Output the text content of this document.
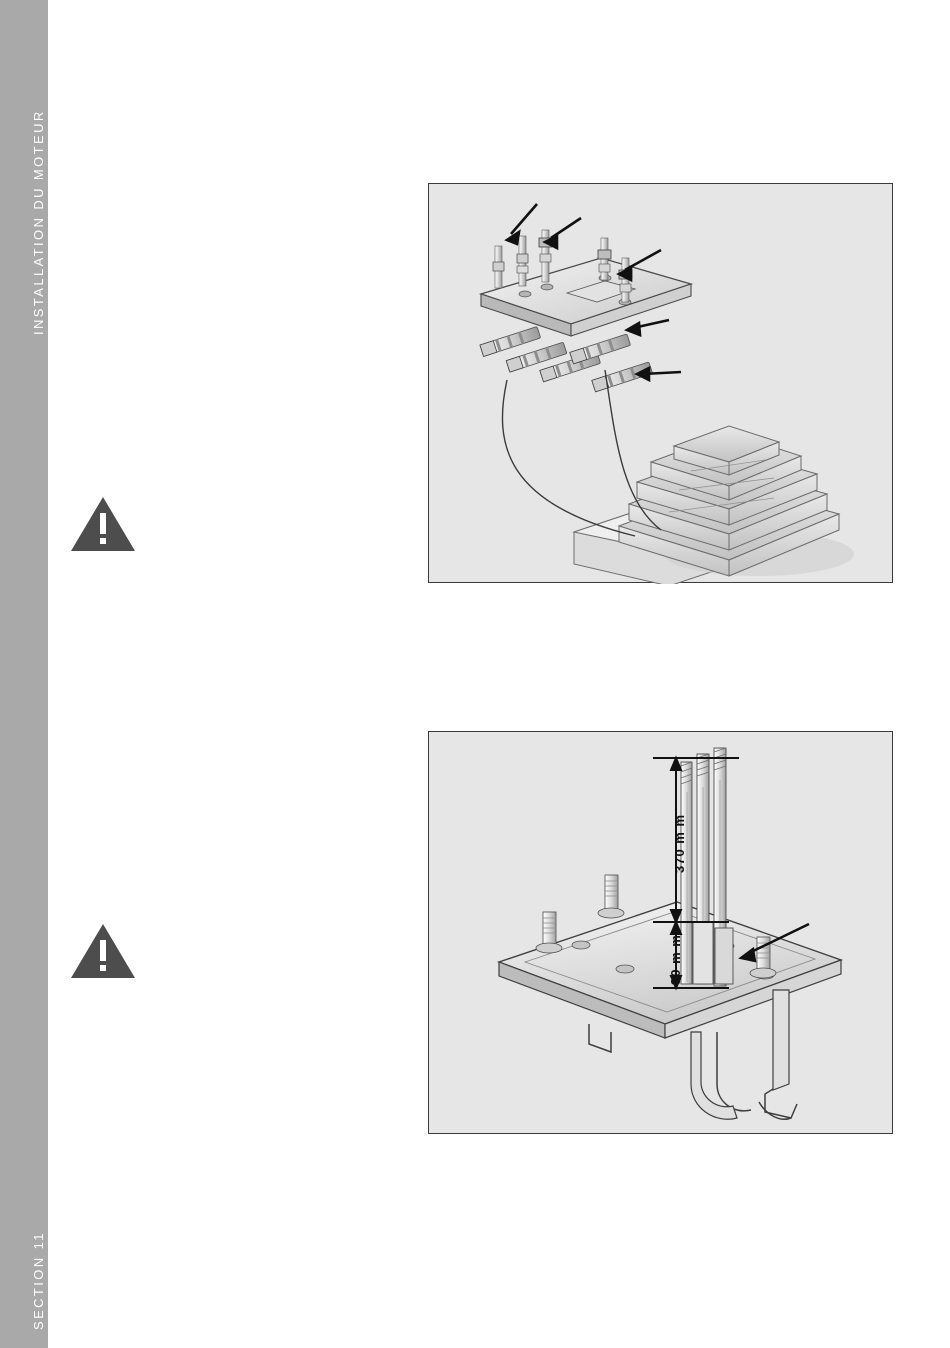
INSTALLATION DU MOTEUR
SECTION 11
370 m m
30 m m
